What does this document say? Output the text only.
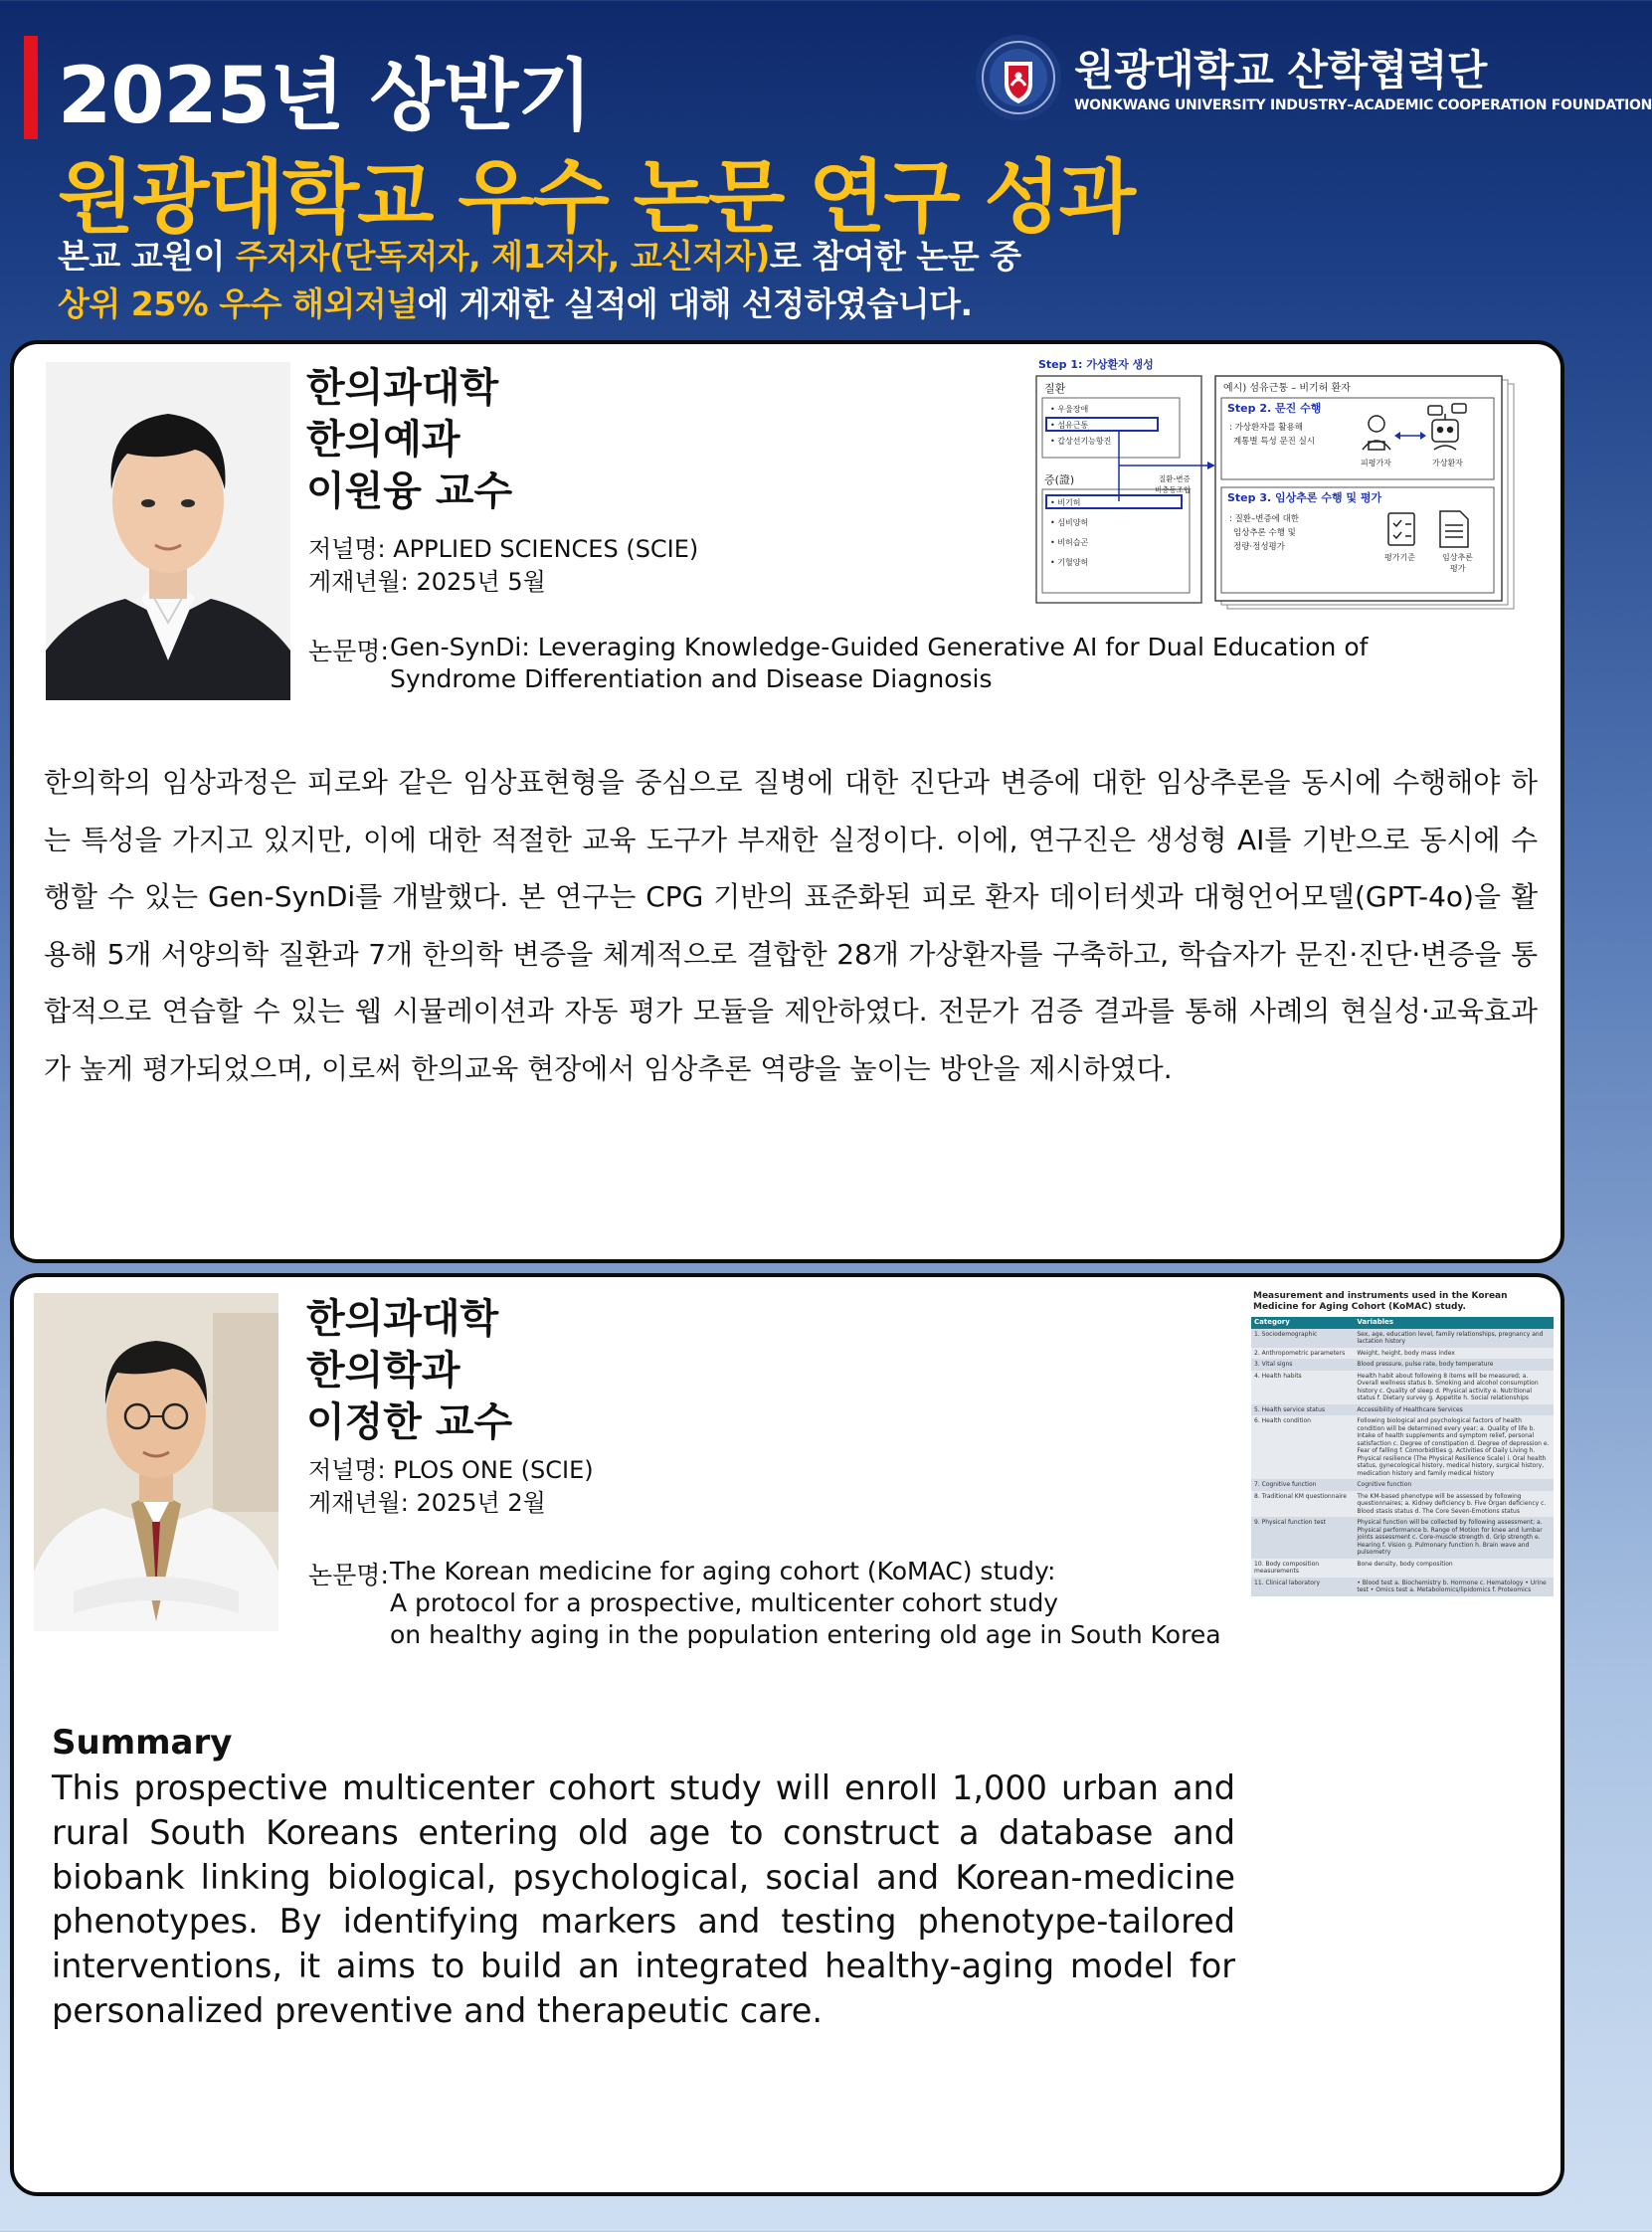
2025년 상반기
원광대학교 우수 논문 연구 성과
본교 교원이 주저자(단독저자, 제1저자, 교신저자)로 참여한 논문 중
상위 25% 우수 해외저널에 게재한 실적에 대해 선정하였습니다.
원광대학교 산학협력단
WONKWANG UNIVERSITY INDUSTRY–ACADEMIC COOPERATION FOUNDATION
한의과대학
한의예과
이원융 교수
저널명: APPLIED SCIENCES (SCIE)
게재년월: 2025년 5월
논문명: Gen-SynDi: Leveraging Knowledge-Guided Generative AI for Dual Education of
Syndrome Differentiation and Disease Diagnosis
Step 1: 가상환자 생성
질환
• 우울장애
• 섬유근통
• 갑상선기능항진
증(證)
• 비기허
• 심비양허
• 비허습곤
• 기혈양허
질환-변증
비층동조합
예시) 섬유근통 – 비기허 환자
Step 2. 문진 수행
: 가상환자를 활용해
계통별 특성 문진 실시
피평가자	가상환자
Step 3. 임상추론 수행 및 평가
: 질환–변증에 대한
임상추론 수행 및
정량·정성평가
평가기준	임상추론
평가
한의학의 임상과정은 피로와 같은 임상표현형을 중심으로 질병에 대한 진단과 변증에 대한 임상추론을 동시에 수행해야 하는 특성을 가지고 있지만, 이에 대한 적절한 교육 도구가 부재한 실정이다. 이에, 연구진은 생성형 AI를 기반으로 동시에 수행할 수 있는 Gen-SynDi를 개발했다. 본 연구는 CPG 기반의 표준화된 피로 환자 데이터셋과 대형언어모델(GPT-4o)을 활용해 5개 서양의학 질환과 7개 한의학 변증을 체계적으로 결합한 28개 가상환자를 구축하고, 학습자가 문진·진단·변증을 통합적으로 연습할 수 있는 웹 시뮬레이션과 자동 평가 모듈을 제안하였다. 전문가 검증 결과를 통해 사례의 현실성·교육효과가 높게 평가되었으며, 이로써 한의교육 현장에서 임상추론 역량을 높이는 방안을 제시하였다.
한의과대학
한의학과
이정한 교수
저널명: PLOS ONE (SCIE)
게재년월: 2025년 2월
논문명: The Korean medicine for aging cohort (KoMAC) study:
A protocol for a prospective, multicenter cohort study
on healthy aging in the population entering old age in South Korea
Measurement and instruments used in the Korean Medicine for Aging Cohort (KoMAC) study.
Category	Variables
1. Sociodemographic	Sex, age, education level, family relationships, pregnancy and lactation history
2. Anthropometric parameters	Weight, height, body mass index
3. Vital signs	Blood pressure, pulse rate, body temperature
4. Health habits	Health habit about following 8 items will be measured; a. Overall wellness status b. Smoking and alcohol consumption history c. Quality of sleep d. Physical activity e. Nutritional status f. Dietary survey g. Appetite h. Social relationships
5. Health service status	Accessibility of Healthcare Services
6. Health condition	Following biological and psychological factors of health condition will be determined every year; a. Quality of life b. Intake of health supplements and symptom relief, personal satisfaction c. Degree of constipation d. Degree of depression e. Fear of falling f. Comorbidities g. Activities of Daily Living h. Physical resilience (The Physical Resilience Scale) i. Oral health status, gynecological history, medical history, surgical history, medication history and family medical history
7. Cognitive function	Cognitive function
8. Traditional KM questionnaire	The KM-based phenotype will be assessed by following questionnaires; a. Kidney deficiency b. Five Organ deficiency c. Blood stasis status d. The Core Seven-Emotions status
9. Physical function test	Physical function will be collected by following assessment; a. Physical performance b. Range of Motion for knee and lumbar joints assessment c. Core-muscle strength d. Grip strength e. Hearing f. Vision g. Pulmonary function h. Brain wave and pulsometry
10. Body composition measurements	Bone density, body composition
11. Clinical laboratory	• Blood test a. Biochemistry b. Hormone c. Hematology • Urine test • Omics test a. Metabolomics/lipidomics f. Proteomics
Summary
This prospective multicenter cohort study will enroll 1,000 urban and rural South Koreans entering old age to construct a database and biobank linking biological, psychological, social and Korean-medicine phenotypes. By identifying markers and testing phenotype-tailored interventions, it aims to build an integrated healthy-aging model for personalized preventive and therapeutic care.
